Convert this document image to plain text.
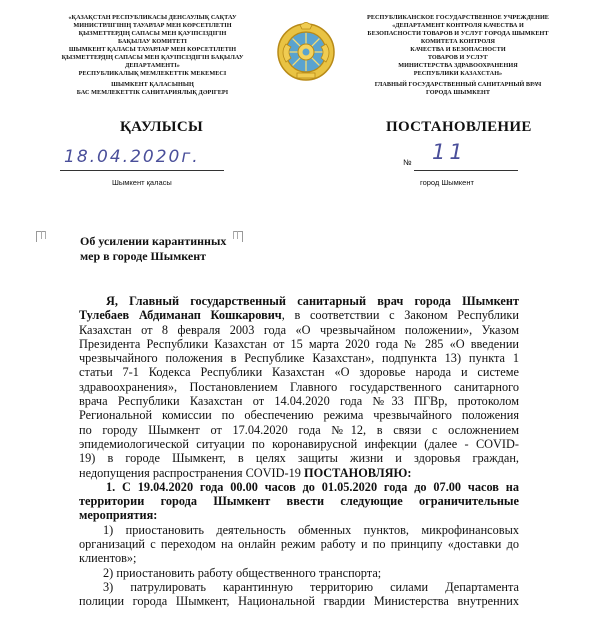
«ҚАЗАҚСТАН РЕСПУБЛИКАСЫ ДЕНСАУЛЫҚ САҚТАУ
МИНИСТРЛІГІНІҢ ТАУАРЛАР МЕН КӨРСЕТІЛЕТІН
ҚЫЗМЕТТЕРДІҢ САПАСЫ МЕН ҚАУІПСІЗДІГІН
БАҚЫЛАУ КОМИТЕТІ
ШЫМКЕНТ ҚАЛАСЫ ТАУАРЛАР МЕН КӨРСЕТІЛЕТІН
ҚЫЗМЕТТЕРДІҢ САПАСЫ МЕН ҚАУІПСІЗДІГІН БАҚЫЛАУ
ДЕПАРТАМЕНТІ»
РЕСПУБЛИКАЛЫҚ МЕМЛЕКЕТТІК МЕКЕМЕСІ
ШЫМКЕНТ ҚАЛАСЫНЫҢ
БАС МЕМЛЕКЕТТІК САНИТАРИЯЛЫҚ ДӘРІГЕРІ
РЕСПУБЛИКАНСКОЕ ГОСУДАРСТВЕННОЕ УЧРЕЖДЕНИЕ
«ДЕПАРТАМЕНТ КОНТРОЛЯ КАЧЕСТВА И
БЕЗОПАСНОСТИ ТОВАРОВ И УСЛУГ ГОРОДА ШЫМКЕНТ
КОМИТЕТА КОНТРОЛЯ
КАЧЕСТВА И БЕЗОПАСНОСТИ
ТОВАРОВ И УСЛУГ
МИНИСТЕРСТВА ЗДРАВООХРАНЕНИЯ
РЕСПУБЛИКИ КАЗАХСТАН»
ГЛАВНЫЙ ГОСУДАРСТВЕННЫЙ САНИТАРНЫЙ ВРАЧ
ГОРОДА ШЫМКЕНТ
ҚАУЛЫСЫ	ПОСТАНОВЛЕНИЕ
18.04.2020г.
Шымкент қаласы
№ 11
город Шымкент
Об усилении карантинных
мер в городе Шымкент
Я, Главный государственный санитарный врач города Шымкент
Тулебаев Абдиманап Кошкарович, в соответствии с Законом Республики
Казахстан от 8 февраля 2003 года «О чрезвычайном положении», Указом
Президента Республики Казахстан от 15 марта 2020 года № 285 «О введении
чрезвычайного положения в Республике Казахстан», подпункта 13) пункта 1
статьи 7-1 Кодекса Республики Казахстан «О здоровье народа и системе
здравоохранения», Постановлением Главного государственного санитарного
врача Республики Казахстан от 14.04.2020 года №33 ПГВр, протоколом
Региональной комиссии по обеспечению режима чрезвычайного положения
по городу Шымкент от 17.04.2020 года №12, в связи с осложнением
эпидемиологической ситуации по коронавирусной инфекции (далее - COVID-
19) в городе Шымкент, в целях защиты жизни и здоровья граждан,
недопущения распространения COVID-19 ПОСТАНОВЛЯЮ:
1. С 19.04.2020 года 00.00 часов до 01.05.2020 года до 07.00 часов на
территории города Шымкент ввести следующие ограничительные
мероприятия:
1) приостановить деятельность обменных пунктов, микрофинансовых
организаций с переходом на онлайн режим работу и по принципу «доставки до
клиентов»;
2) приостановить работу общественного транспорта;
3) патрулировать карантинную территорию силами Департамента
полиции города Шымкент, Национальной гвардии Министерства внутренних
